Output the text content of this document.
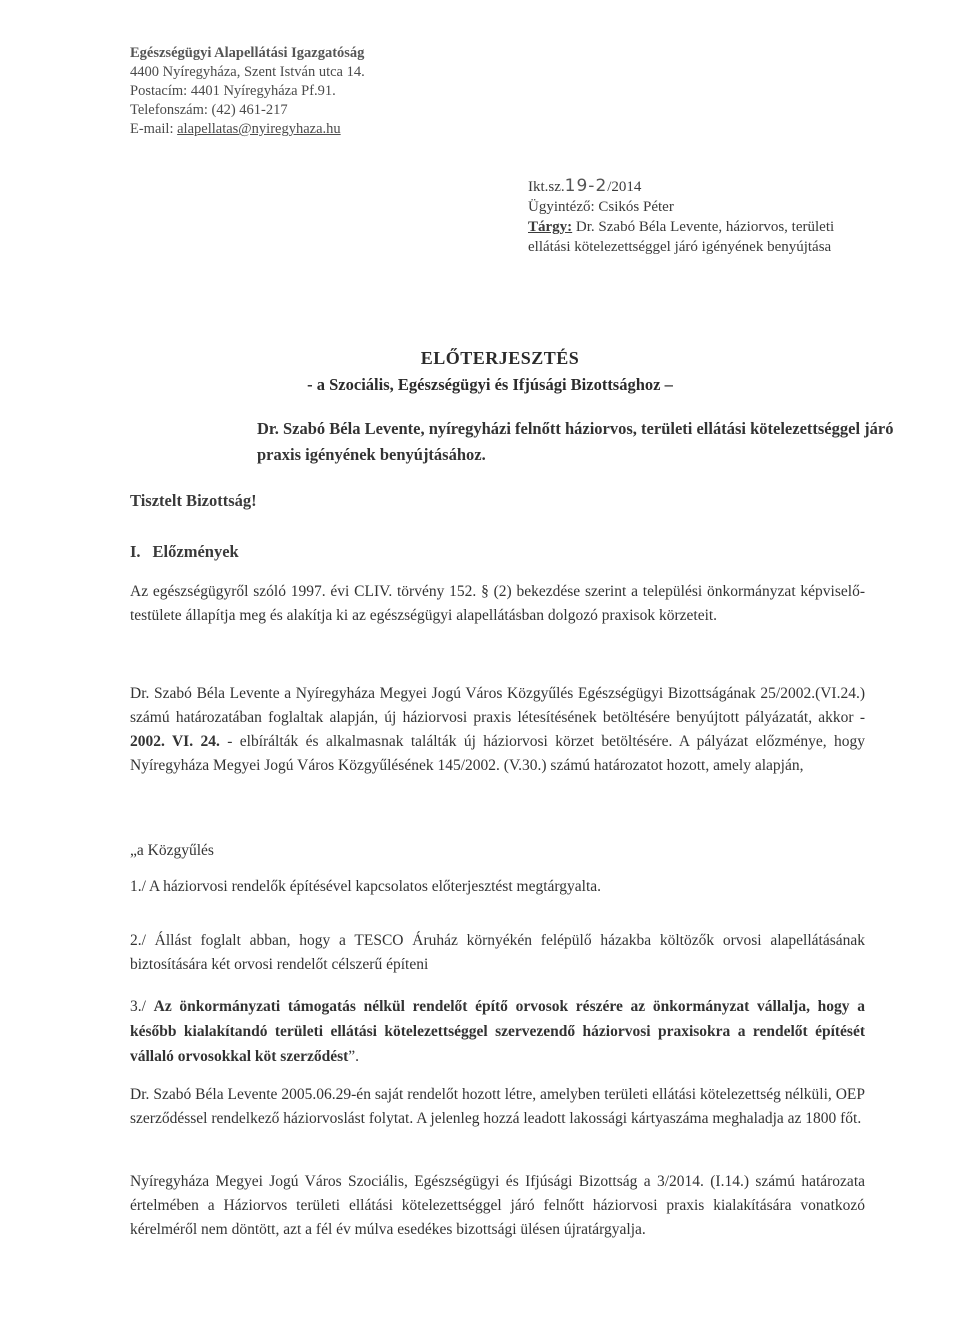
Egészségügyi Alapellátási Igazgatóság
4400 Nyíregyháza, Szent István utca 14.
Postacím: 4401 Nyíregyháza Pf.91.
Telefonszám: (42) 461-217
E-mail: alapellatas@nyiregyhaza.hu
Ikt.sz.19-2/2014
Ügyintéző: Csikós Péter
Tárgy: Dr. Szabó Béla Levente, háziorvos, területi ellátási kötelezettséggel járó igényének benyújtása
ELŐTERJESZTÉS
- a Szociális, Egészségügyi és Ifjúsági Bizottsághoz –
Dr. Szabó Béla Levente, nyíregyházi felnőtt háziorvos, területi ellátási kötelezettséggel járó praxis igényének benyújtásához.
Tisztelt Bizottság!
I. Előzmények
Az egészségügyről szóló 1997. évi CLIV. törvény 152. § (2) bekezdése szerint a települési önkormányzat képviselő-testülete állapítja meg és alakítja ki az egészségügyi alapellátásban dolgozó praxisok körzeteit.
Dr. Szabó Béla Levente a Nyíregyháza Megyei Jogú Város Közgyűlés Egészségügyi Bizottságának 25/2002.(VI.24.) számú határozatában foglaltak alapján, új háziorvosi praxis létesítésének betöltésére benyújtott pályázatát, akkor - 2002. VI. 24. - elbírálták és alkalmasnak találták új háziorvosi körzet betöltésére. A pályázat előzménye, hogy Nyíregyháza Megyei Jogú Város Közgyűlésének 145/2002. (V.30.) számú határozatot hozott, amely alapján,
„a Közgyűlés
1./ A háziorvosi rendelők építésével kapcsolatos előterjesztést megtárgyalta.
2./ Állást foglalt abban, hogy a TESCO Áruház környékén felépülő házakba költözők orvosi alapellátásának biztosítására két orvosi rendelőt célszerű építeni
3./ Az önkormányzati támogatás nélkül rendelőt építő orvosok részére az önkormányzat vállalja, hogy a később kialakítandó területi ellátási kötelezettséggel szervezendő háziorvosi praxisokra a rendelőt építését vállaló orvosokkal köt szerződést”.
Dr. Szabó Béla Levente 2005.06.29-én saját rendelőt hozott létre, amelyben területi ellátási kötelezettség nélküli, OEP szerződéssel rendelkező háziorvoslást folytat. A jelenleg hozzá leadott lakossági kártyaszáma meghaladja az 1800 főt.
Nyíregyháza Megyei Jogú Város Szociális, Egészségügyi és Ifjúsági Bizottság a 3/2014. (I.14.) számú határozata értelmében a Háziorvos területi ellátási kötelezettséggel járó felnőtt háziorvosi praxis kialakítására vonatkozó kérelméről nem döntött, azt a fél év múlva esedékes bizottsági ülésen újratárgyalja.
